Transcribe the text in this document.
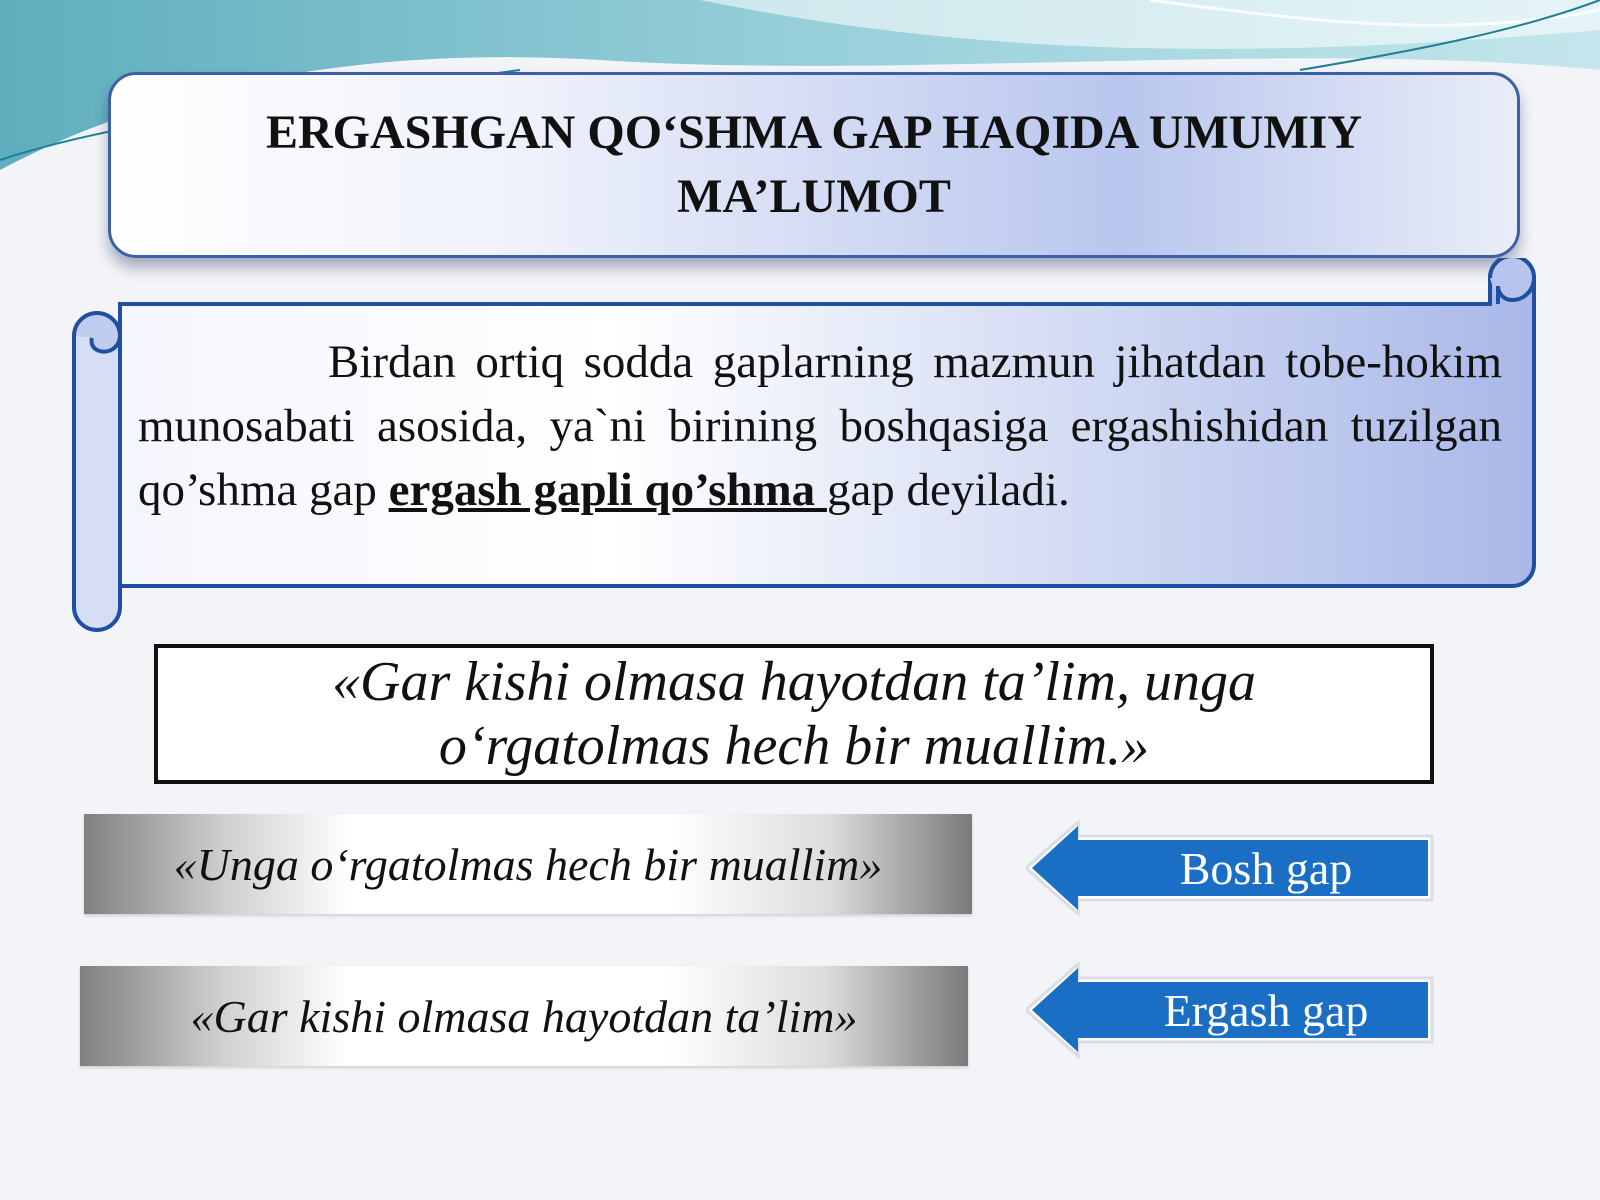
ERGASHGAN QO‘SHMA GAP HAQIDA UMUMIY MA’LUMOT
Birdan ortiq sodda gaplarning mazmun jihatdan tobe-hokim munosabati asosida, ya`ni birining boshqasiga ergashishidan tuzilgan qo’shma gap ergash gapli qo’shma gap deyiladi.
«Gar kishi olmasa hayotdan ta’lim, unga o‘rgatolmas hech bir muallim.»
«Unga o‘rgatolmas hech bir muallim»	Bosh gap
«Gar kishi olmasa hayotdan ta’lim»	Ergash gap
